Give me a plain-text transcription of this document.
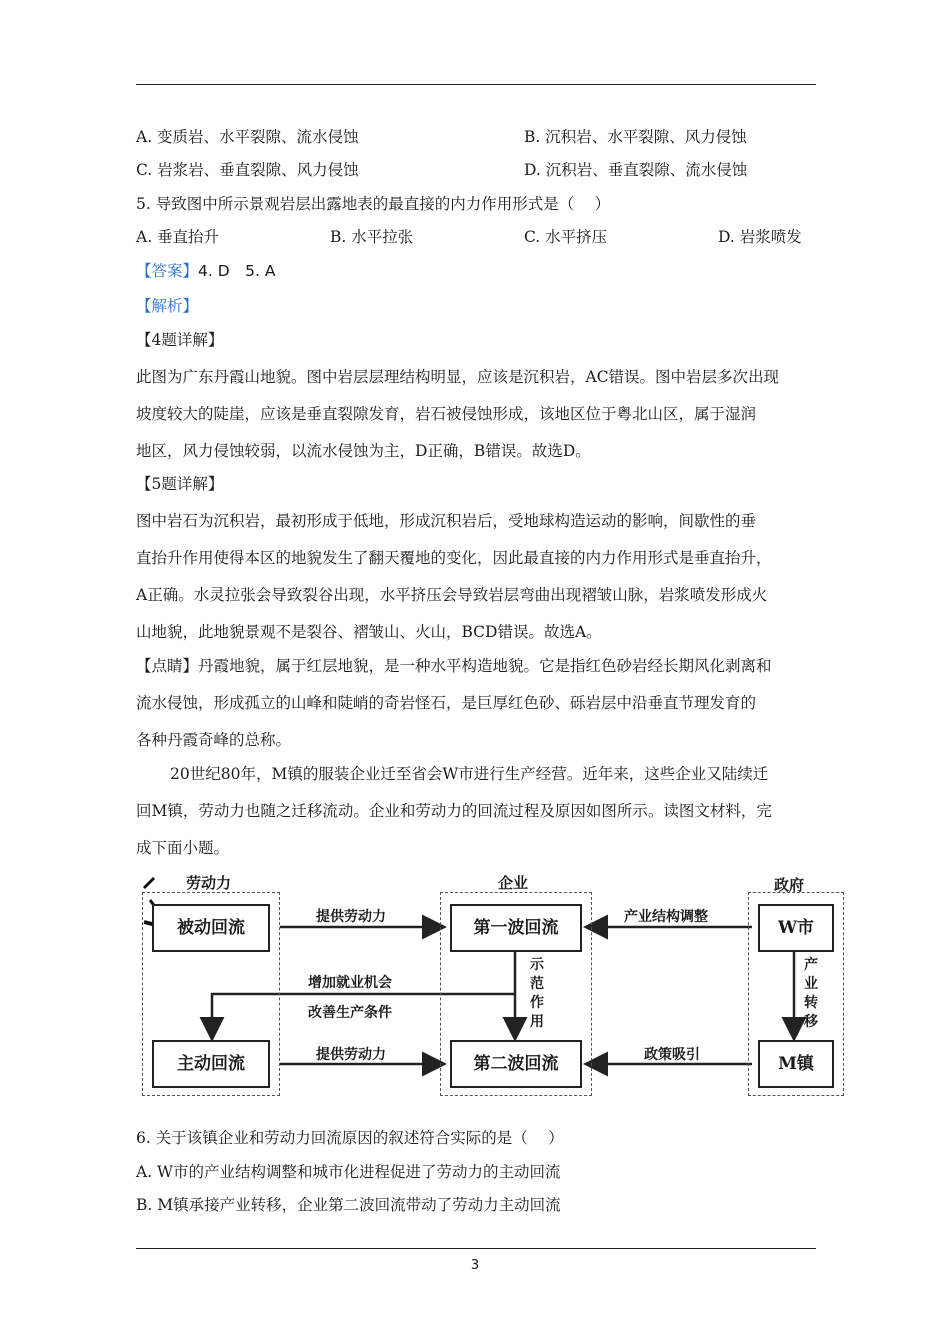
A. 变质岩、水平裂隙、流水侵蚀	B. 沉积岩、水平裂隙、风力侵蚀
C. 岩浆岩、垂直裂隙、风力侵蚀	D. 沉积岩、垂直裂隙、流水侵蚀
5. 导致图中所示景观岩层出露地表的最直接的内力作用形式是（　 ）
A. 垂直抬升	B. 水平拉张	C. 水平挤压	D. 岩浆喷发
【答案】4. D　5. A
【解析】
【4题详解】
此图为广东丹霞山地貌。图中岩层层理结构明显，应该是沉积岩，AC错误。图中岩层多次出现
坡度较大的陡崖，应该是垂直裂隙发育，岩石被侵蚀形成，该地区位于粤北山区，属于湿润
地区，风力侵蚀较弱，以流水侵蚀为主，D正确，B错误。故选D。
【5题详解】
图中岩石为沉积岩，最初形成于低地，形成沉积岩后，受地球构造运动的影响，间歇性的垂
直抬升作用使得本区的地貌发生了翻天覆地的变化，因此最直接的内力作用形式是垂直抬升，
A正确。水灵拉张会导致裂谷出现，水平挤压会导致岩层弯曲出现褶皱山脉，岩浆喷发形成火
山地貌，此地貌景观不是裂谷、褶皱山、火山，BCD错误。故选A。
【点睛】丹霞地貌，属于红层地貌，是一种水平构造地貌。它是指红色砂岩经长期风化剥离和
流水侵蚀，形成孤立的山峰和陡峭的奇岩怪石，是巨厚红色砂、砾岩层中沿垂直节理发育的
各种丹霞奇峰的总称。
20世纪80年，M镇的服装企业迁至省会W市进行生产经营。近年来，这些企业又陆续迁
回M镇，劳动力也随之迁移流动。企业和劳动力的回流过程及原因如图所示。读图文材料，完
成下面小题。
劳动力	企业	政府
被动回流
主动回流
第一波回流
第二波回流
W市
M镇
提供劳动力
提供劳动力
增加就业机会
改善生产条件
产业结构调整
政策吸引
示范作用
产业转移
6. 关于该镇企业和劳动力回流原因的叙述符合实际的是（　 ）
A. W市的产业结构调整和城市化进程促进了劳动力的主动回流
B. M镇承接产业转移，企业第二波回流带动了劳动力主动回流
3
